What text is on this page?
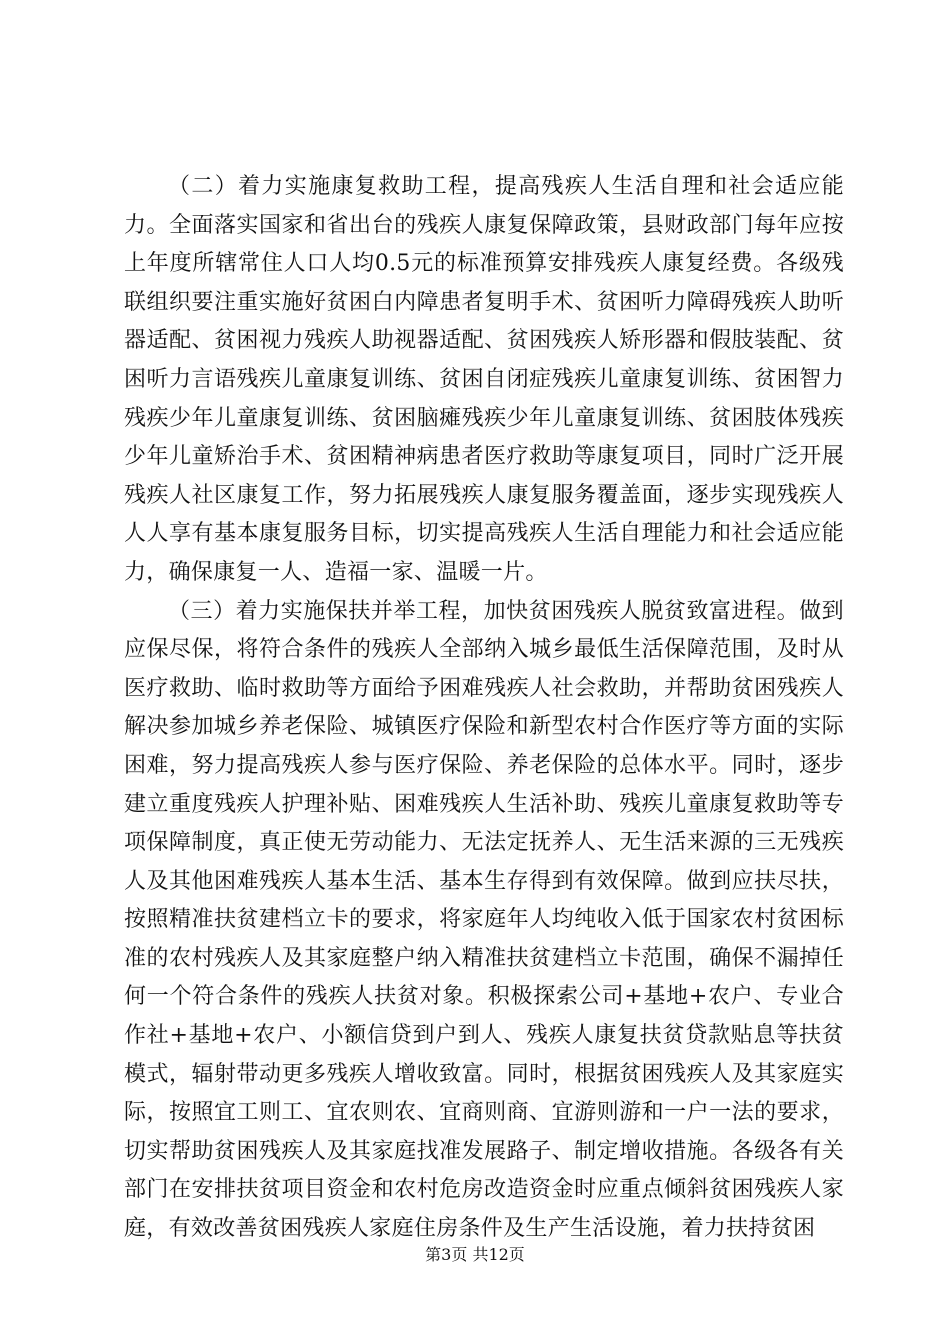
（二）着力实施康复救助工程，提高残疾人生活自理和社会适应能力。全面落实国家和省出台的残疾人康复保障政策，县财政部门每年应按上年度所辖常住人口人均0.5元的标准预算安排残疾人康复经费。各级残联组织要注重实施好贫困白内障患者复明手术、贫困听力障碍残疾人助听器适配、贫困视力残疾人助视器适配、贫困残疾人矫形器和假肢装配、贫困听力言语残疾儿童康复训练、贫困自闭症残疾儿童康复训练、贫困智力残疾少年儿童康复训练、贫困脑瘫残疾少年儿童康复训练、贫困肢体残疾少年儿童矫治手术、贫困精神病患者医疗救助等康复项目，同时广泛开展残疾人社区康复工作，努力拓展残疾人康复服务覆盖面，逐步实现残疾人人人享有基本康复服务目标，切实提高残疾人生活自理能力和社会适应能力，确保康复一人、造福一家、温暖一片。

（三）着力实施保扶并举工程，加快贫困残疾人脱贫致富进程。做到应保尽保，将符合条件的残疾人全部纳入城乡最低生活保障范围，及时从医疗救助、临时救助等方面给予困难残疾人社会救助，并帮助贫困残疾人解决参加城乡养老保险、城镇医疗保险和新型农村合作医疗等方面的实际困难，努力提高残疾人参与医疗保险、养老保险的总体水平。同时，逐步建立重度残疾人护理补贴、困难残疾人生活补助、残疾儿童康复救助等专项保障制度，真正使无劳动能力、无法定抚养人、无生活来源的三无残疾人及其他困难残疾人基本生活、基本生存得到有效保障。做到应扶尽扶，按照精准扶贫建档立卡的要求，将家庭年人均纯收入低于国家农村贫困标准的农村残疾人及其家庭整户纳入精准扶贫建档立卡范围，确保不漏掉任何一个符合条件的残疾人扶贫对象。积极探索公司+基地+农户、专业合作社+基地+农户、小额信贷到户到人、残疾人康复扶贫贷款贴息等扶贫模式，辐射带动更多残疾人增收致富。同时，根据贫困残疾人及其家庭实际，按照宜工则工、宜农则农、宜商则商、宜游则游和一户一法的要求，切实帮助贫困残疾人及其家庭找准发展路子、制定增收措施。各级各有关部门在安排扶贫项目资金和农村危房改造资金时应重点倾斜贫困残疾人家庭，有效改善贫困残疾人家庭住房条件及生产生活设施，着力扶持贫困

第3页 共12页
